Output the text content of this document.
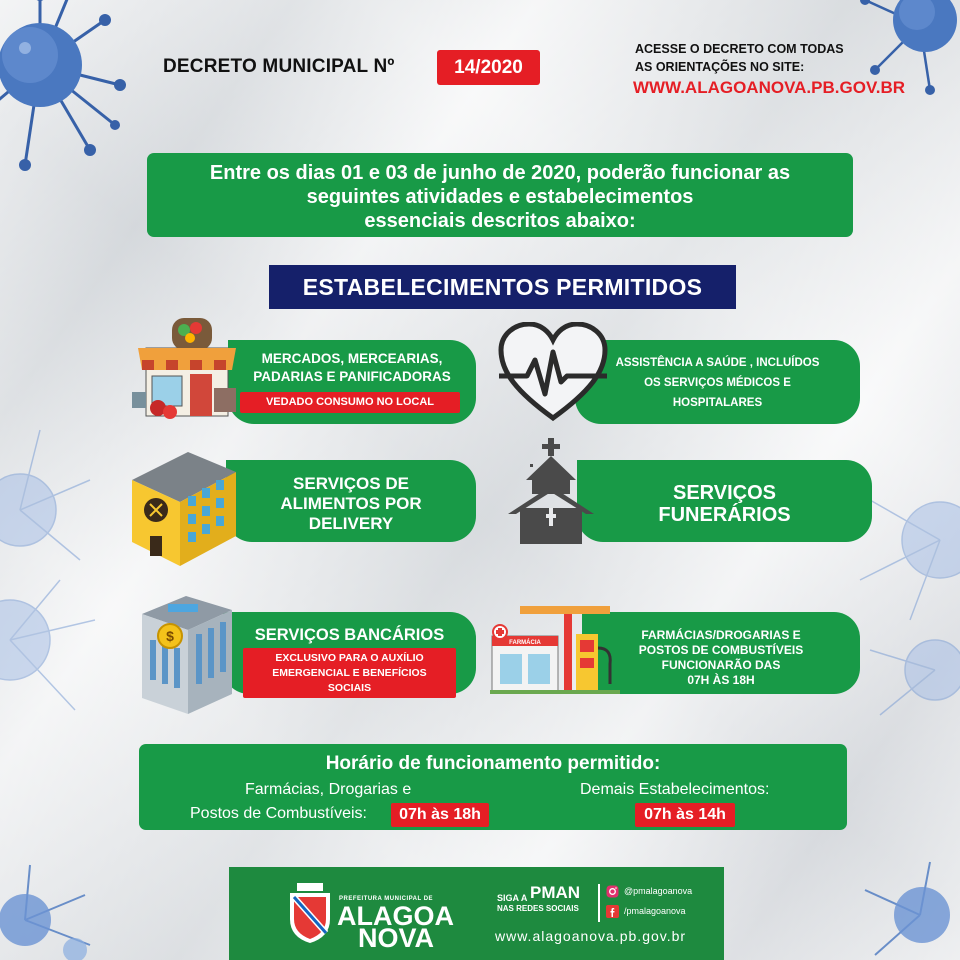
DECRETO MUNICIPAL Nº	14/2020
ACESSE O DECRETO COM TODAS
AS ORIENTAÇÕES NO SITE:
WWW.ALAGOANOVA.PB.GOV.BR
Entre os dias 01 e 03 de junho de 2020, poderão funcionar as
seguintes atividades e estabelecimentos
essenciais descritos abaixo:
ESTABELECIMENTOS PERMITIDOS
MERCADOS, MERCEARIAS,
PADARIAS E PANIFICADORAS
VEDADO CONSUMO NO LOCAL
ASSISTÊNCIA A SAÚDE , INCLUÍDOS
OS SERVIÇOS MÉDICOS E
HOSPITALARES
SERVIÇOS DE
ALIMENTOS POR
DELIVERY
SERVIÇOS
FUNERÁRIOS
SERVIÇOS BANCÁRIOS
EXCLUSIVO PARA O AUXÍLIO
EMERGENCIAL E BENEFÍCIOS
SOCIAIS
$	FARMÁCIAS/DROGARIAS E
POSTOS DE COMBUSTÍVEIS
FUNCIONARÃO DAS
07H ÀS 18H
FARMÁCIA
Horário de funcionamento permitido:
Farmácias, Drogarias e
Postos de Combustíveis:	07h às 18h
Demais Estabelecimentos:
07h às 14h
PREFEITURA MUNICIPAL DE
ALAGOA
NOVA
SIGA A PMAN
NAS REDES SOCIAIS
@pmalagoanova
/pmalagoanova
www.alagoanova.pb.gov.br
